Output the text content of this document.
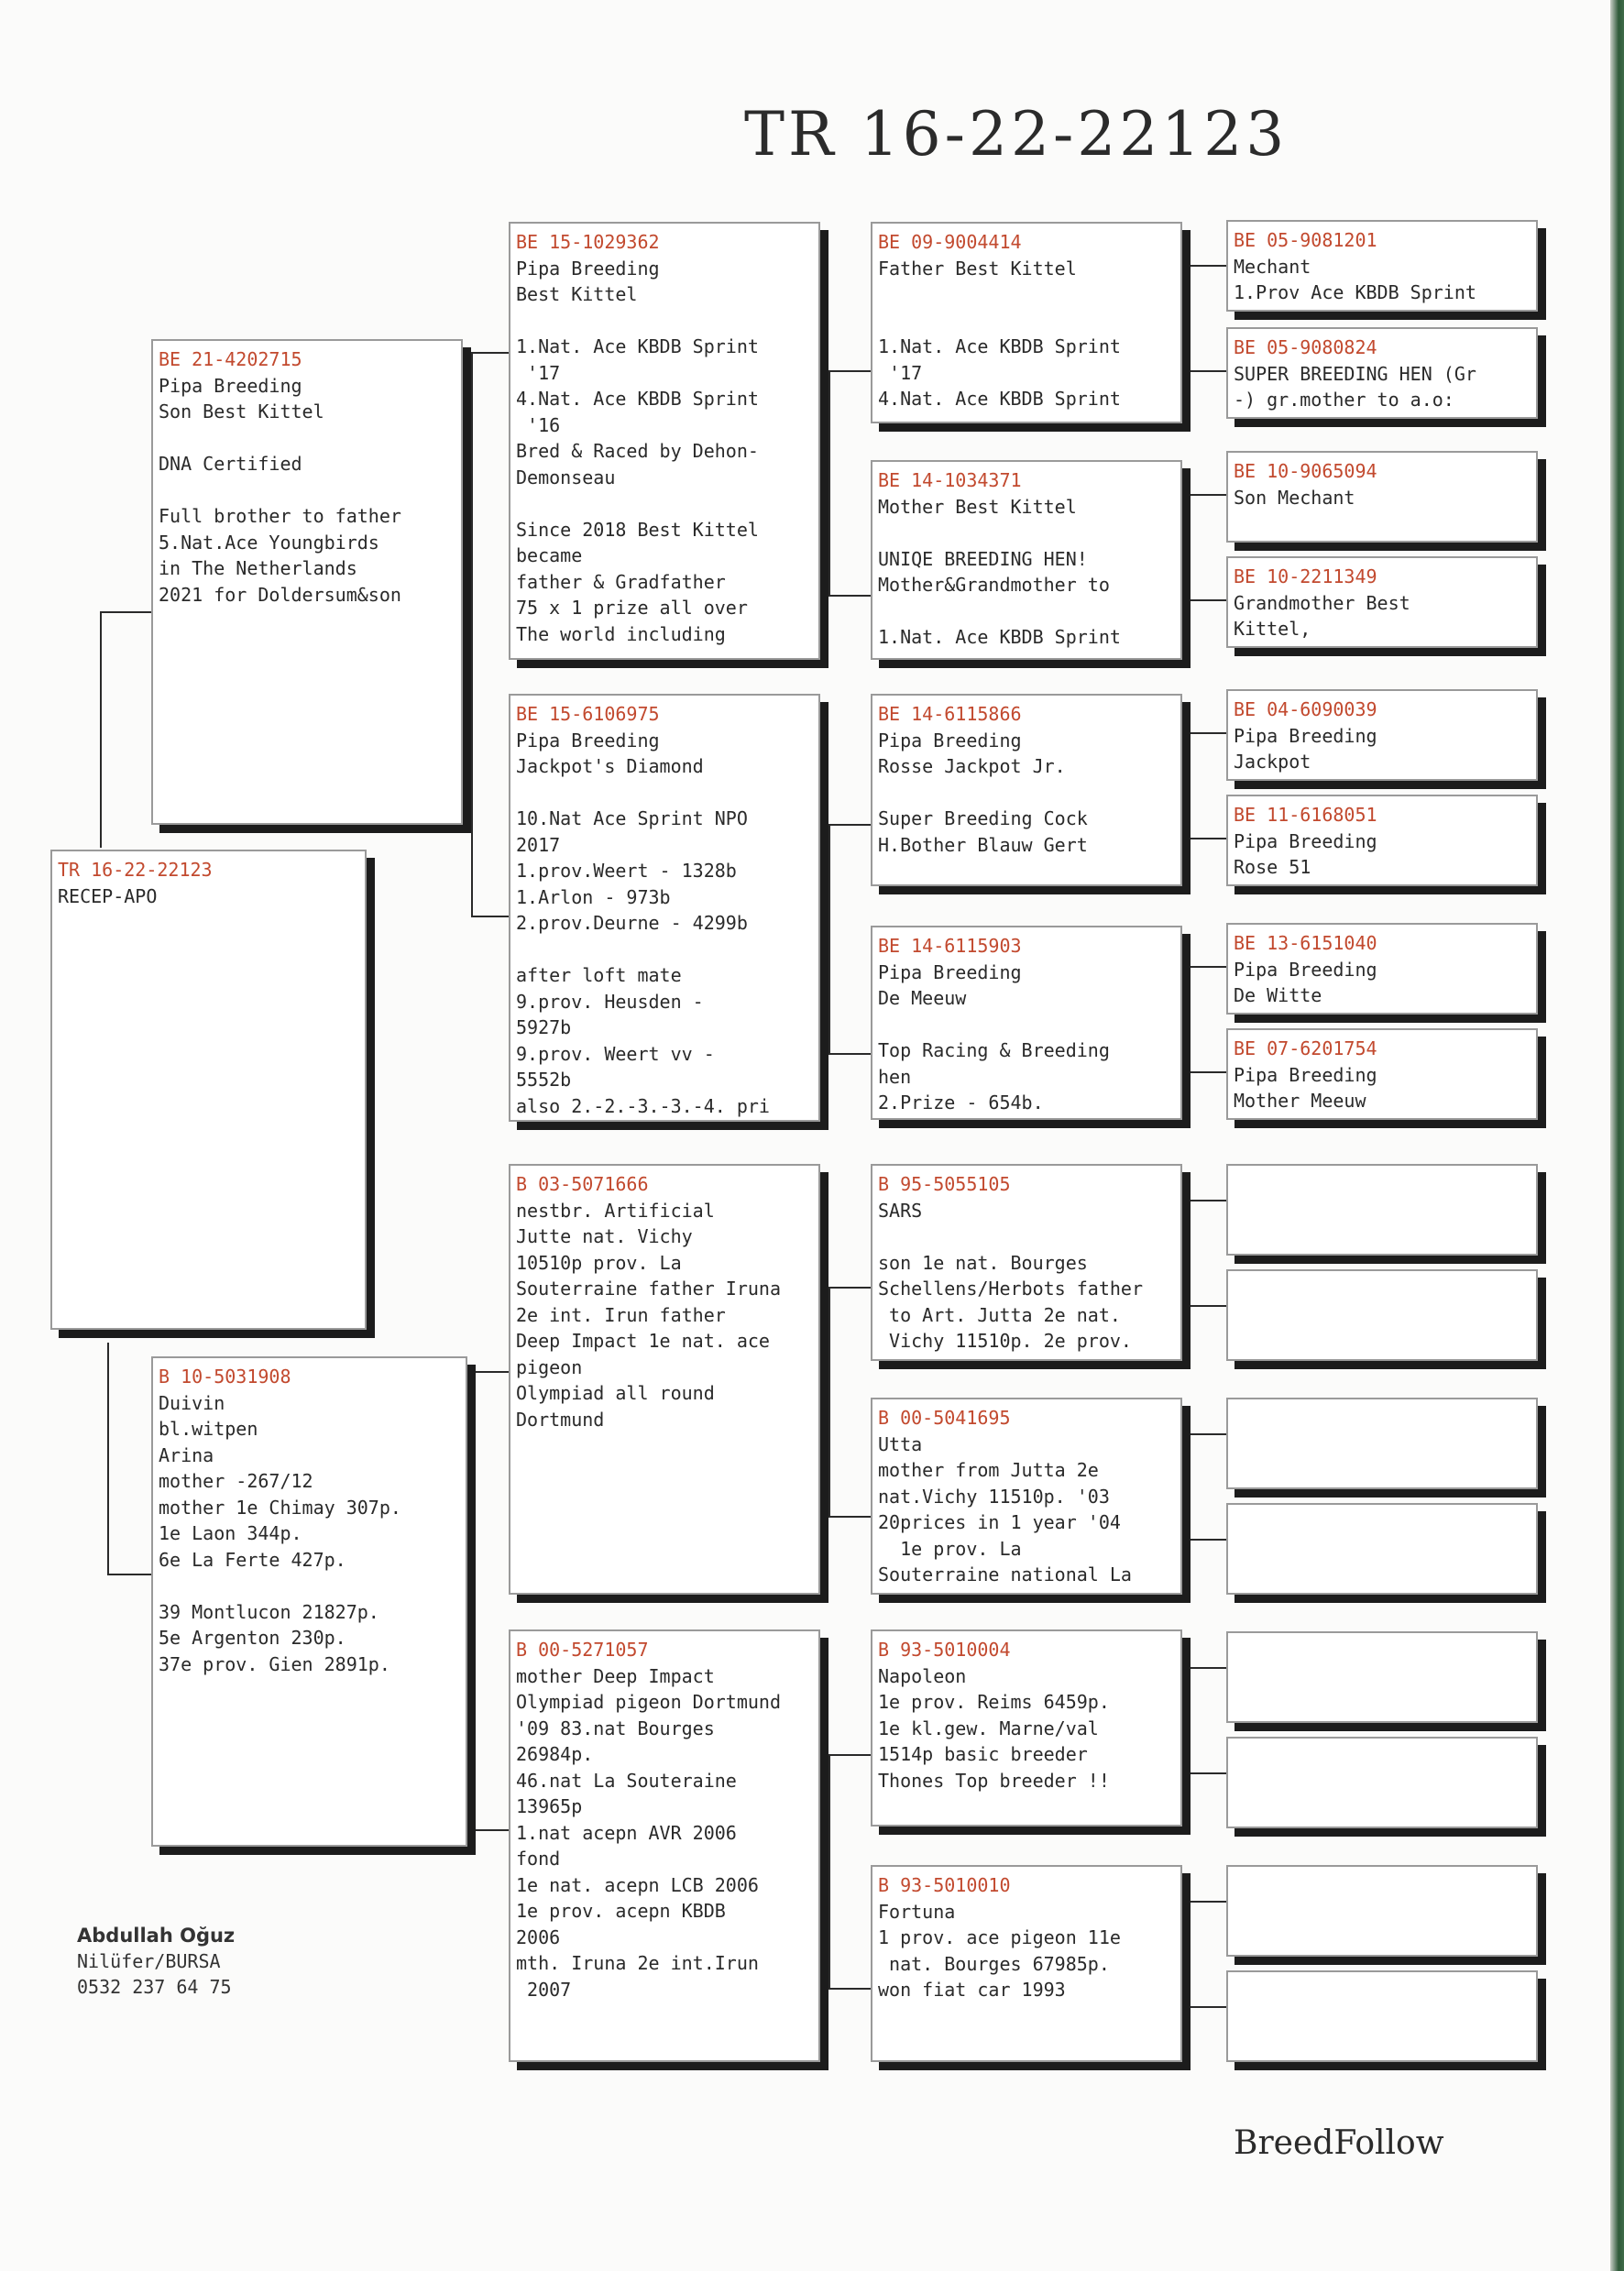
TR 16-22-22123
TR 16-22-22123
RECEP-APO
BE 21-4202715
Pipa Breeding
Son Best Kittel
DNA Certified
Full brother to father
5.Nat.Ace Youngbirds
in The Netherlands
2021 for Doldersum&son
B 10-5031908
Duivin
bl.witpen
Arina
mother -267/12
mother 1e Chimay 307p.
1e Laon 344p.
6e La Ferte 427p.
39 Montlucon 21827p.
5e Argenton 230p.
37e prov. Gien 2891p.
BE 15-1029362
Pipa Breeding
Best Kittel
1.Nat. Ace KBDB Sprint
'17
4.Nat. Ace KBDB Sprint
'16
Bred & Raced by Dehon-
Demonseau
Since 2018 Best Kittel
became
father & Gradfather
75 x 1 prize all over
The world including
BE 15-6106975
Pipa Breeding
Jackpot's Diamond
10.Nat Ace Sprint NPO
2017
1.prov.Weert - 1328b
1.Arlon - 973b
2.prov.Deurne - 4299b
after loft mate
9.prov. Heusden -
5927b
9.prov. Weert vv -
5552b
also 2.-2.-3.-3.-4. pri
B 03-5071666
nestbr. Artificial
Jutte nat. Vichy
10510p prov. La
Souterraine father Iruna
2e int. Irun father
Deep Impact 1e nat. ace
pigeon
Olympiad all round
Dortmund
B 00-5271057
mother Deep Impact
Olympiad pigeon Dortmund
'09 83.nat Bourges
26984p.
46.nat La Souteraine
13965p
1.nat acepn AVR 2006
fond
1e nat. acepn LCB 2006
1e prov. acepn KBDB
2006
mth. Iruna 2e int.Irun
2007
BE 09-9004414
Father Best Kittel
1.Nat. Ace KBDB Sprint
'17
4.Nat. Ace KBDB Sprint
BE 14-1034371
Mother Best Kittel
UNIQE BREEDING HEN!
Mother&Grandmother to
1.Nat. Ace KBDB Sprint
BE 14-6115866
Pipa Breeding
Rosse Jackpot Jr.
Super Breeding Cock
H.Bother Blauw Gert
BE 14-6115903
Pipa Breeding
De Meeuw
Top Racing & Breeding
hen
2.Prize - 654b.
B 95-5055105
SARS
son 1e nat. Bourges
Schellens/Herbots father
to Art. Jutta 2e nat.
Vichy 11510p. 2e prov.
B 00-5041695
Utta
mother from Jutta 2e
nat.Vichy 11510p. '03
20prices in 1 year '04
1e prov. La
Souterraine national La
B 93-5010004
Napoleon
1e prov. Reims 6459p.
1e kl.gew. Marne/val
1514p basic breeder
Thones Top breeder !!
B 93-5010010
Fortuna
1 prov. ace pigeon 11e
nat. Bourges 67985p.
won fiat car 1993
BE 05-9081201
Mechant
1.Prov Ace KBDB Sprint
BE 05-9080824
SUPER BREEDING HEN (Gr
-) gr.mother to a.o:
BE 10-9065094
Son Mechant
BE 10-2211349
Grandmother Best
Kittel,
BE 04-6090039
Pipa Breeding
Jackpot
BE 11-6168051
Pipa Breeding
Rose 51
BE 13-6151040
Pipa Breeding
De Witte
BE 07-6201754
Pipa Breeding
Mother Meeuw
Abdullah Oğuz
Nilüfer/BURSA
0532 237 64 75
BreedFollow
